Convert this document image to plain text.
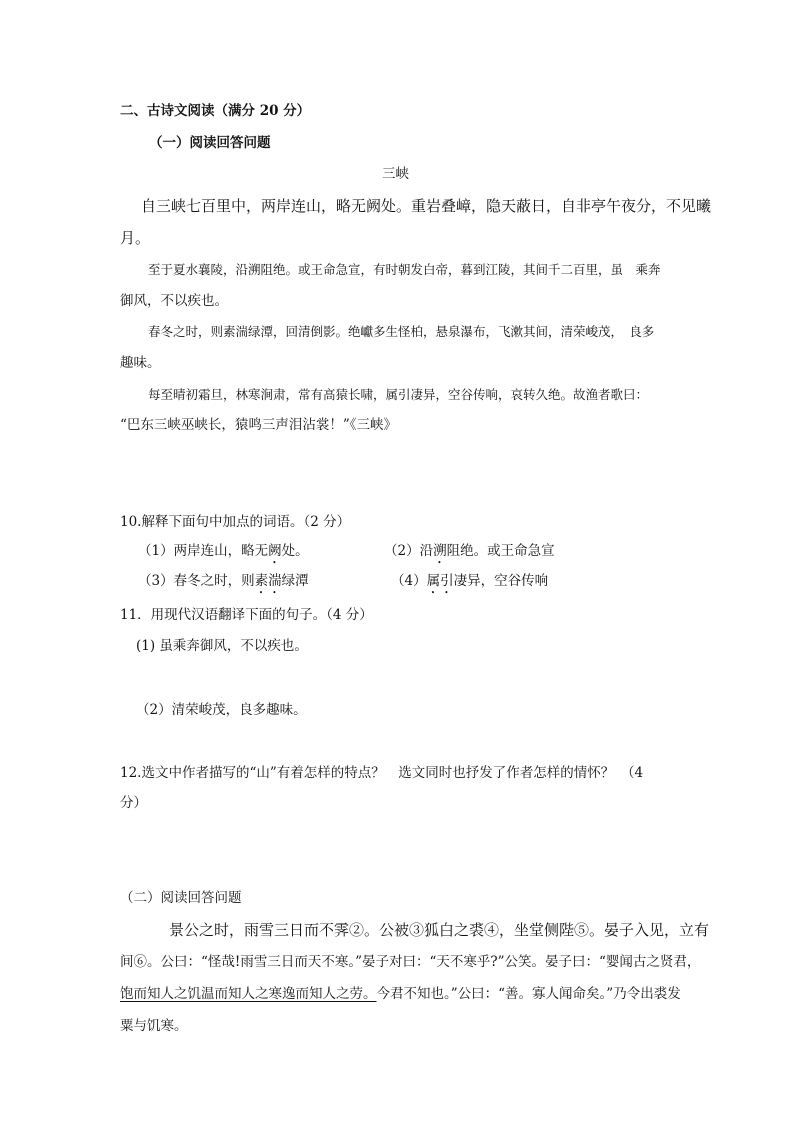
二、古诗文阅读（满分 20 分）
（一）阅读回答问题
三峡
自三峡七百里中，两岸连山，略无阙处。重岩叠嶂，隐天蔽日，自非亭午夜分，不见曦
月。
至于夏水襄陵，沿溯阻绝。或王命急宣，有时朝发白帝，暮到江陵，其间千二百里，虽　乘奔
御风，不以疾也。
春冬之时，则素湍绿潭，回清倒影。绝巘多生怪柏，悬泉瀑布，飞漱其间，清荣峻茂，　良多
趣味。
每至晴初霜旦，林寒涧肃，常有高猿长啸，属引凄异，空谷传响，哀转久绝。故渔者歌曰：
“巴东三峡巫峡长，猿鸣三声泪沾裳！”《三峡》
10.解释下面句中加点的词语。（2 分）
（1）两岸连山，略无阙处。	（2）沿溯阻绝。或王命急宣
（3）春冬之时，则素湍绿潭	（4）属引凄异，空谷传响
11．用现代汉语翻译下面的句子。（4 分）
(1) 虽乘奔御风，不以疾也。
（2）清荣峻茂，良多趣味。
12.选文中作者描写的“山”有着怎样的特点？　选文同时也抒发了作者怎样的情怀？　（4
分）
（二）阅读回答问题
景公之时，雨雪三日而不霁②。公被③狐白之裘④，坐堂侧陛⑤。晏子入见，立有
间⑥。公曰：“怪哉!雨雪三日而天不寒。”晏子对曰：“天不寒乎?”公笑。晏子曰：“婴闻古之贤君，
饱而知人之饥温而知人之寒逸而知人之劳。今君不知也。”公曰：“善。寡人闻命矣。”乃令出裘发
粟与饥寒。
